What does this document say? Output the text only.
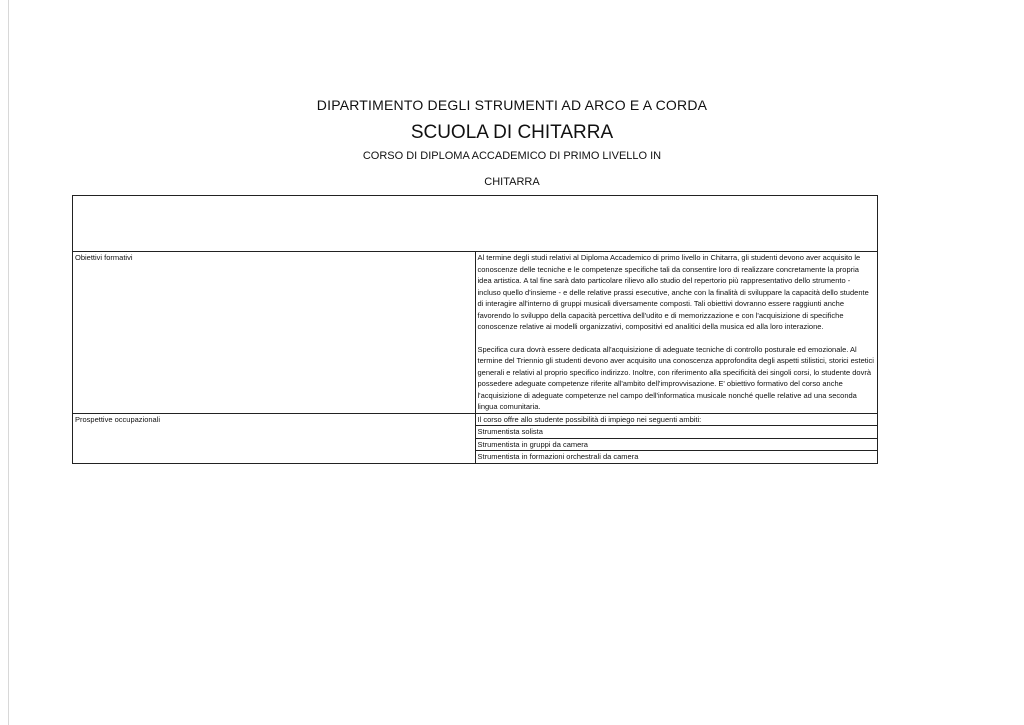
DIPARTIMENTO DEGLI STRUMENTI AD ARCO E A CORDA
SCUOLA DI CHITARRA
CORSO DI DIPLOMA ACCADEMICO DI PRIMO LIVELLO IN
CHITARRA

Obiettivi formativi	Al termine degli studi relativi al Diploma Accademico di primo livello in Chitarra, gli studenti devono aver acquisito le conoscenze delle tecniche e le competenze specifiche tali da consentire loro di realizzare concretamente la propria idea artistica. A tal fine sarà dato particolare rilievo allo studio del repertorio più rappresentativo dello strumento - incluso quello d'insieme - e delle relative prassi esecutive, anche con la finalità di sviluppare la capacità dello studente di interagire all'interno di gruppi musicali diversamente composti. Tali obiettivi dovranno essere raggiunti anche favorendo lo sviluppo della capacità percettiva dell'udito e di memorizzazione e con l'acquisizione di specifiche conoscenze relative ai modelli organizzativi, compositivi ed analitici della musica ed alla loro interazione.
Specifica cura dovrà essere dedicata all'acquisizione di adeguate tecniche di controllo posturale ed emozionale. Al termine del Triennio gli studenti devono aver acquisito una conoscenza approfondita degli aspetti stilistici, storici estetici generali e relativi al proprio specifico indirizzo. Inoltre, con riferimento alla specificità dei singoli corsi, lo studente dovrà possedere adeguate competenze riferite all'ambito dell'improvvisazione. E' obiettivo formativo del corso anche l'acquisizione di adeguate competenze nel campo dell'informatica musicale nonché quelle relative ad una seconda lingua comunitaria.

Prospettive occupazionali	Il corso offre allo studente possibilità di impiego nei seguenti ambiti:
Strumentista solista
Strumentista in gruppi da camera
Strumentista in formazioni orchestrali da camera
